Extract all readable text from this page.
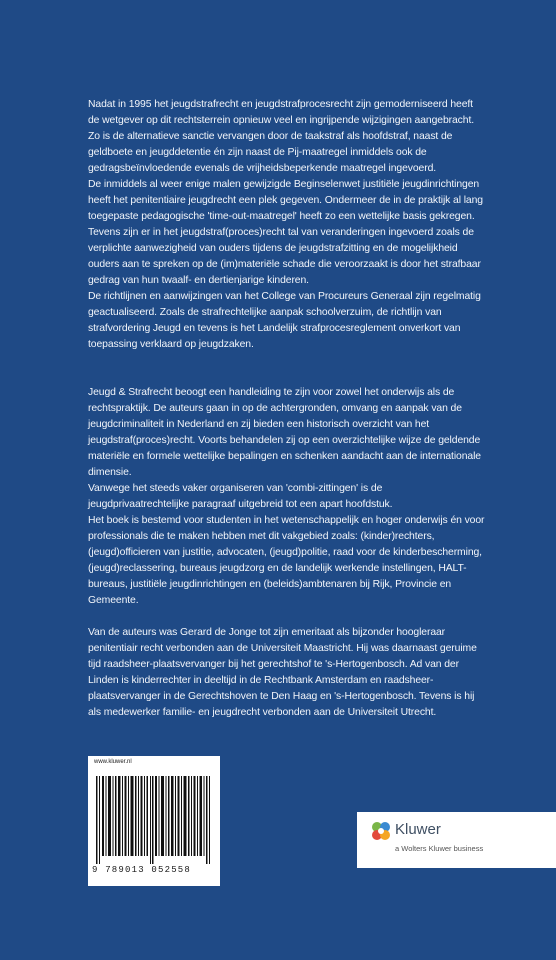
Nadat in 1995 het jeugdstrafrecht en jeugdstrafprocesrecht zijn gemoderniseerd heeft de wetgever op dit rechtsterrein opnieuw veel en ingrijpende wijzigingen aangebracht. Zo is de alternatieve sanctie vervangen door de taakstraf als hoofdstraf, naast de geldboete en jeugddetentie én zijn naast de Pij-maatregel inmiddels ook de gedragsbeïnvloedende evenals de vrijheidsbeperkende maatregel ingevoerd.

De inmiddels al weer enige malen gewijzigde Beginselenwet justitiële jeugdinrichtingen heeft het penitentiaire jeugdrecht een plek gegeven. Ondermeer de in de praktijk al lang toegepaste pedagogische 'time-out-maatregel' heeft zo een wettelijke basis gekregen.

Tevens zijn er in het jeugdstraf(proces)recht tal van veranderingen ingevoerd zoals de verplichte aanwezigheid van ouders tijdens de jeugdstrafzitting en de mogelijkheid ouders aan te spreken op de (im)materiële schade die veroorzaakt is door het strafbaar gedrag van hun twaalf- en dertienjarige kinderen.

De richtlijnen en aanwijzingen van het College van Procureurs Generaal zijn regelmatig geactualiseerd. Zoals de strafrechtelijke aanpak schoolverzuim, de richtlijn van strafvordering Jeugd en tevens is het Landelijk strafprocesreglement onverkort van toepassing verklaard op jeugdzaken.

Jeugd & Strafrecht beoogt een handleiding te zijn voor zowel het onderwijs als de rechtspraktijk. De auteurs gaan in op de achtergronden, omvang en aanpak van de jeugdcriminaliteit in Nederland en zij bieden een historisch overzicht van het jeugdstraf(proces)recht. Voorts behandelen zij op een overzichtelijke wijze de geldende materiële en formele wettelijke bepalingen en schenken aandacht aan de internationale dimensie.

Vanwege het steeds vaker organiseren van 'combi-zittingen' is de jeugdprivaatrechtelijke paragraaf uitgebreid tot een apart hoofdstuk.

Het boek is bestemd voor studenten in het wetenschappelijk en hoger onderwijs én voor professionals die te maken hebben met dit vakgebied zoals: (kinder)rechters, (jeugd)officieren van justitie, advocaten, (jeugd)politie, raad voor de kinderbescherming, (jeugd)reclassering, bureaus jeugdzorg en de landelijk werkende instellingen, HALT-bureaus, justitiële jeugdinrichtingen en (beleids)ambtenaren bij Rijk, Provincie en Gemeente.

Van de auteurs was Gerard de Jonge tot zijn emeritaat als bijzonder hoogleraar penitentiair recht verbonden aan de Universiteit Maastricht. Hij was daarnaast geruime tijd raadsheer-plaatsvervanger bij het gerechtshof te 's-Hertogenbosch. Ad van der Linden is kinderrechter in deeltijd in de Rechtbank Amsterdam en raadsheer-plaatsvervanger in de Gerechtshoven te Den Haag en 's-Hertogenbosch. Tevens is hij als medewerker familie- en jeugdrecht verbonden aan de Universiteit Utrecht.

www.kluwer.nl
9 789013 052558
Kluwer
a Wolters Kluwer business
